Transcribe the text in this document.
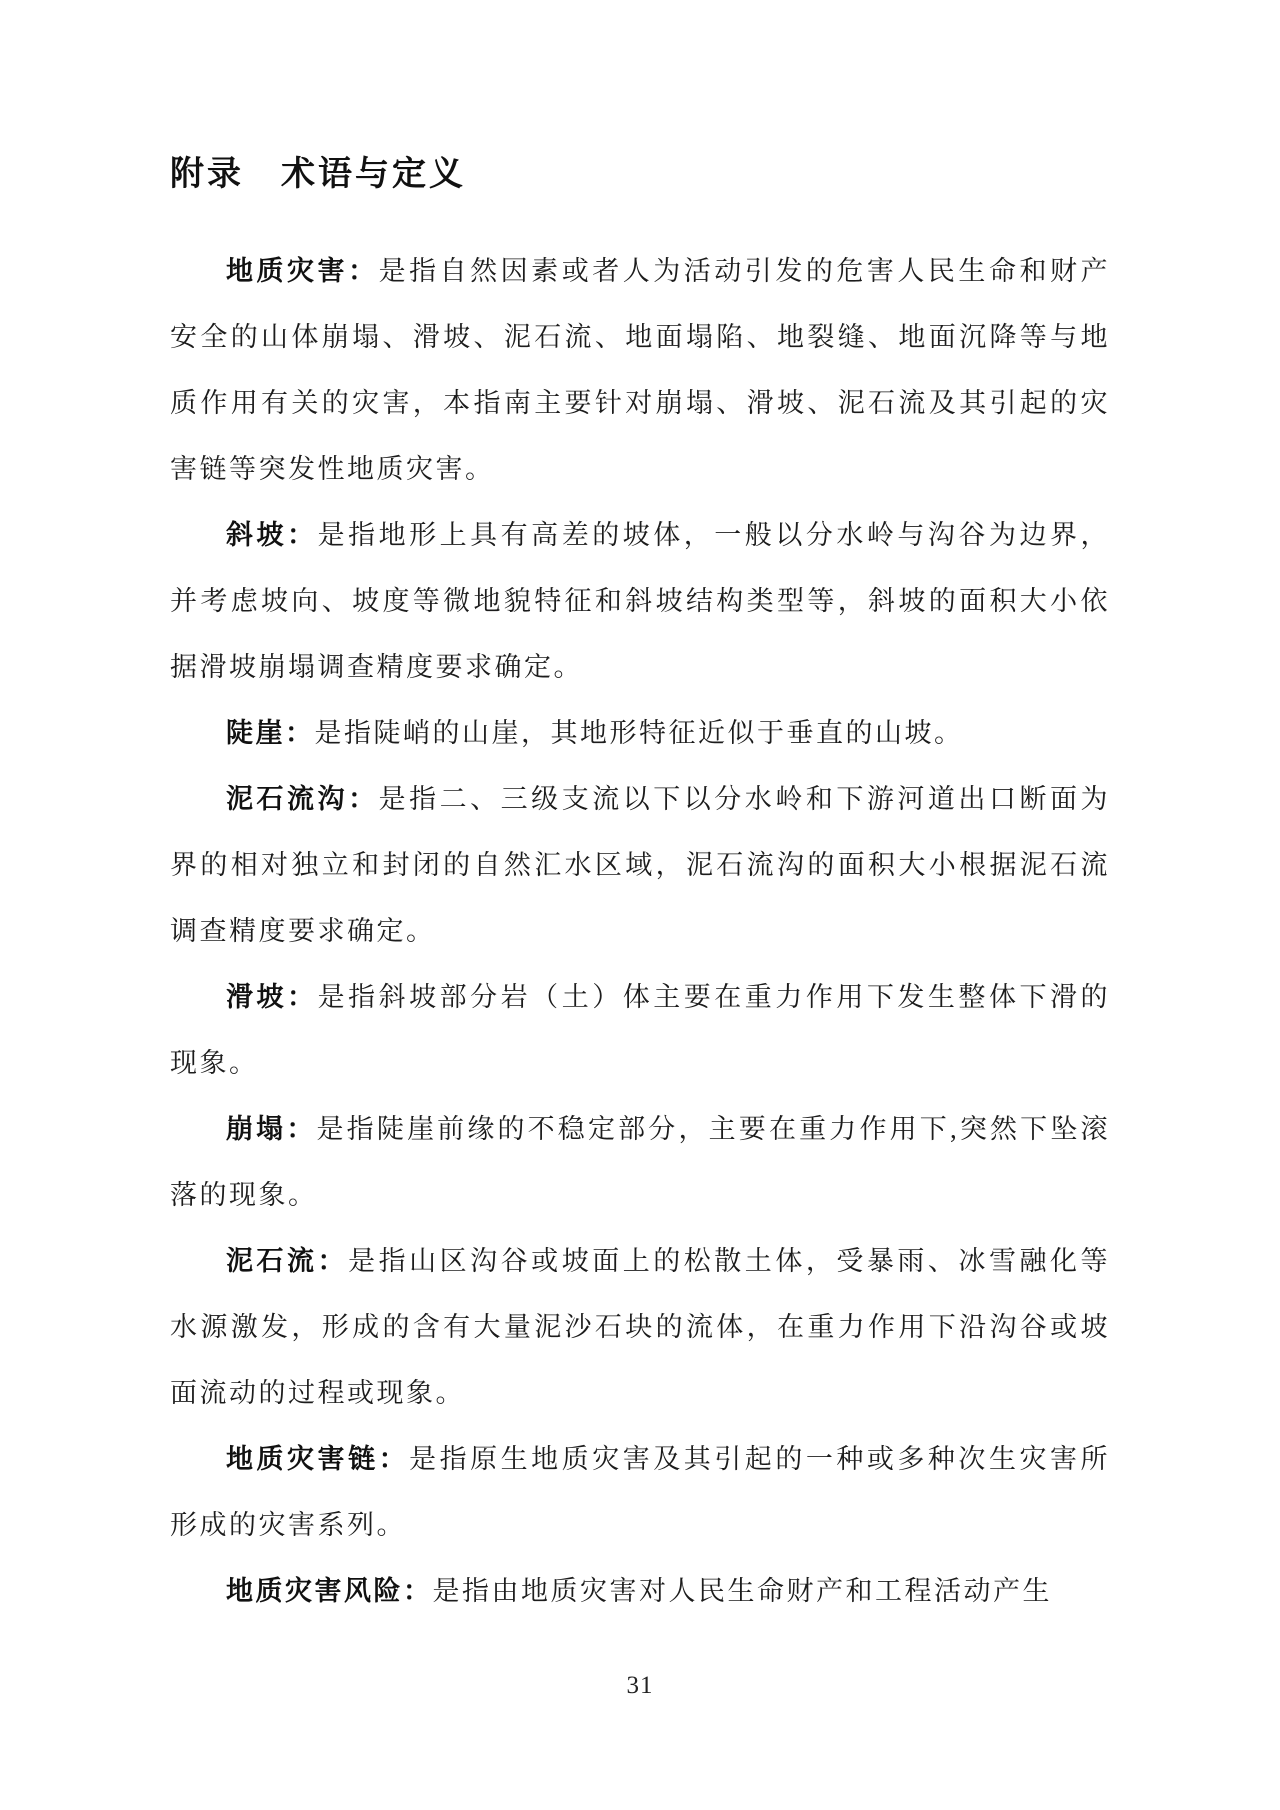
附录　术语与定义

地质灾害：是指自然因素或者人为活动引发的危害人民生命和财产安全的山体崩塌、滑坡、泥石流、地面塌陷、地裂缝、地面沉降等与地质作用有关的灾害，本指南主要针对崩塌、滑坡、泥石流及其引起的灾害链等突发性地质灾害。

斜坡：是指地形上具有高差的坡体，一般以分水岭与沟谷为边界，并考虑坡向、坡度等微地貌特征和斜坡结构类型等，斜坡的面积大小依据滑坡崩塌调查精度要求确定。

陡崖：是指陡峭的山崖，其地形特征近似于垂直的山坡。

泥石流沟：是指二、三级支流以下以分水岭和下游河道出口断面为界的相对独立和封闭的自然汇水区域，泥石流沟的面积大小根据泥石流调查精度要求确定。

滑坡：是指斜坡部分岩（土）体主要在重力作用下发生整体下滑的现象。

崩塌：是指陡崖前缘的不稳定部分，主要在重力作用下,突然下坠滚落的现象。

泥石流：是指山区沟谷或坡面上的松散土体，受暴雨、冰雪融化等水源激发，形成的含有大量泥沙石块的流体，在重力作用下沿沟谷或坡面流动的过程或现象。

地质灾害链：是指原生地质灾害及其引起的一种或多种次生灾害所形成的灾害系列。

地质灾害风险：是指由地质灾害对人民生命财产和工程活动产生

31
